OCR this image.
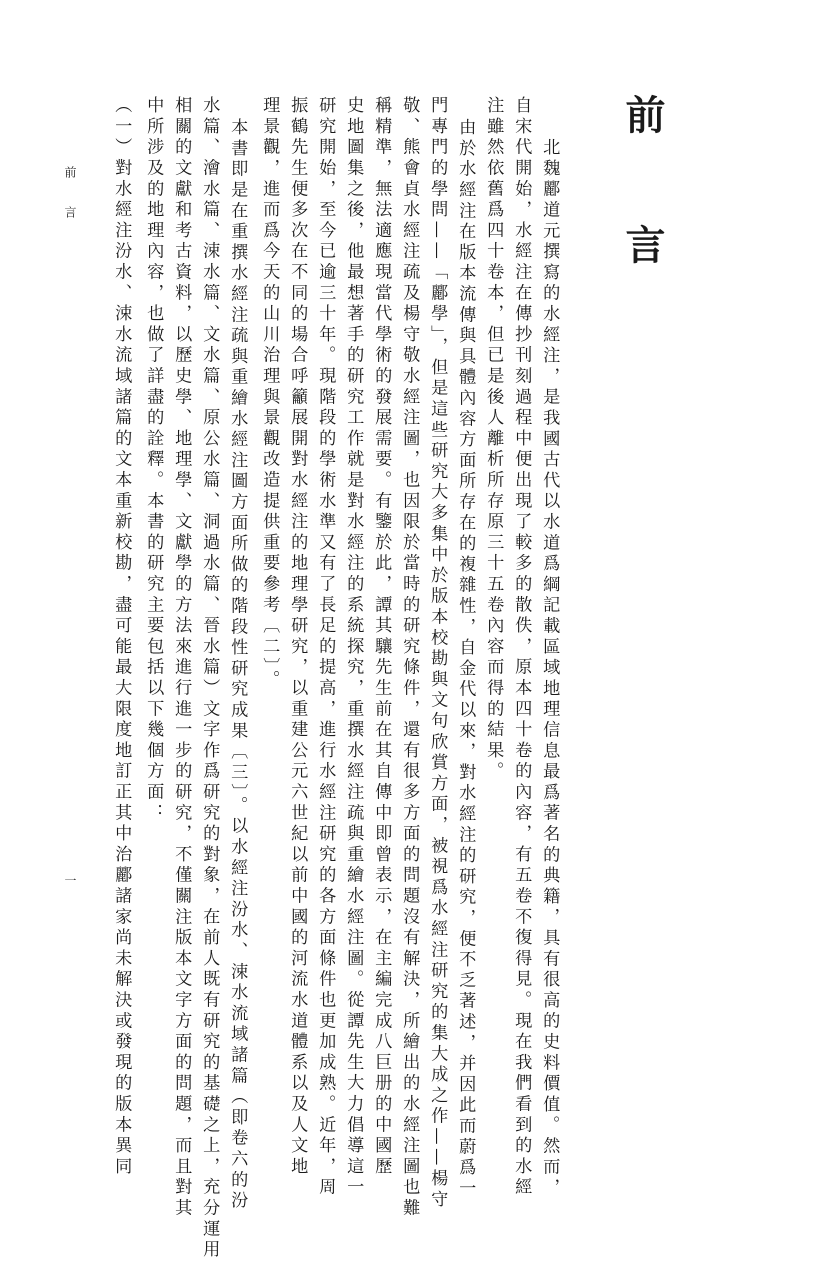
前 言
北魏酈道元撰寫的水經注，是我國古代以水道爲綱記載區域地理信息最爲著名的典籍，具有很高的史料價值。然而，
自宋代開始，水經注在傳抄刊刻過程中便出現了較多的散佚，原本四十卷的內容，有五卷不復得見。現在我們看到的水經
注雖然依舊爲四十卷本，但已是後人離析所存原三十五卷內容而得的結果。
由於水經注在版本流傳與具體內容方面所存在的複雜性，自金代以來，對水經注的研究，便不乏著述，并因此而蔚爲一
門專門的學問——「酈學」，但是這些研究大多集中於版本校勘與文句欣賞方面，被視爲水經注研究的集大成之作——楊守
敬、熊會貞水經注疏及楊守敬水經注圖，也因限於當時的研究條件，還有很多方面的問題沒有解決，所繪出的水經注圖也難
稱精準，無法適應現當代學術的發展需要。有鑒於此，譚其驤先生前在其自傳中即曾表示，在主編完成八巨册的中國歷
史地圖集之後，他最想著手的研究工作就是對水經注的系統探究，重撰水經注疏與重繪水經注圖。從譚先生大力倡導這一
研究開始，至今已逾三十年。現階段的學術水準又有了長足的提高，進行水經注研究的各方面條件也更加成熟。近年，周
振鶴先生便多次在不同的場合呼籲展開對水經注的地理學研究，以重建公元六世紀以前中國的河流水道體系以及人文地
理景觀，進而爲今天的山川治理與景觀改造提供重要參考〔二〕。
本書即是在重撰水經注疏與重繪水經注圖方面所做的階段性研究成果〔三〕。以水經注汾水、涑水流域諸篇（即卷六的汾
水篇、澮水篇、涑水篇、文水篇、原公水篇、洞過水篇、晉水篇）文字作爲研究的對象，在前人既有研究的基礎之上，充分運用
相關的文獻和考古資料，以歷史學、地理學、文獻學的方法來進行進一步的研究，不僅關注版本文字方面的問題，而且對其
中所涉及的地理內容，也做了詳盡的詮釋。本書的研究主要包括以下幾個方面：
（一）對水經注汾水、涑水流域諸篇的文本重新校勘，盡可能最大限度地訂正其中治酈諸家尚未解決或發現的版本異同
前 言
一
